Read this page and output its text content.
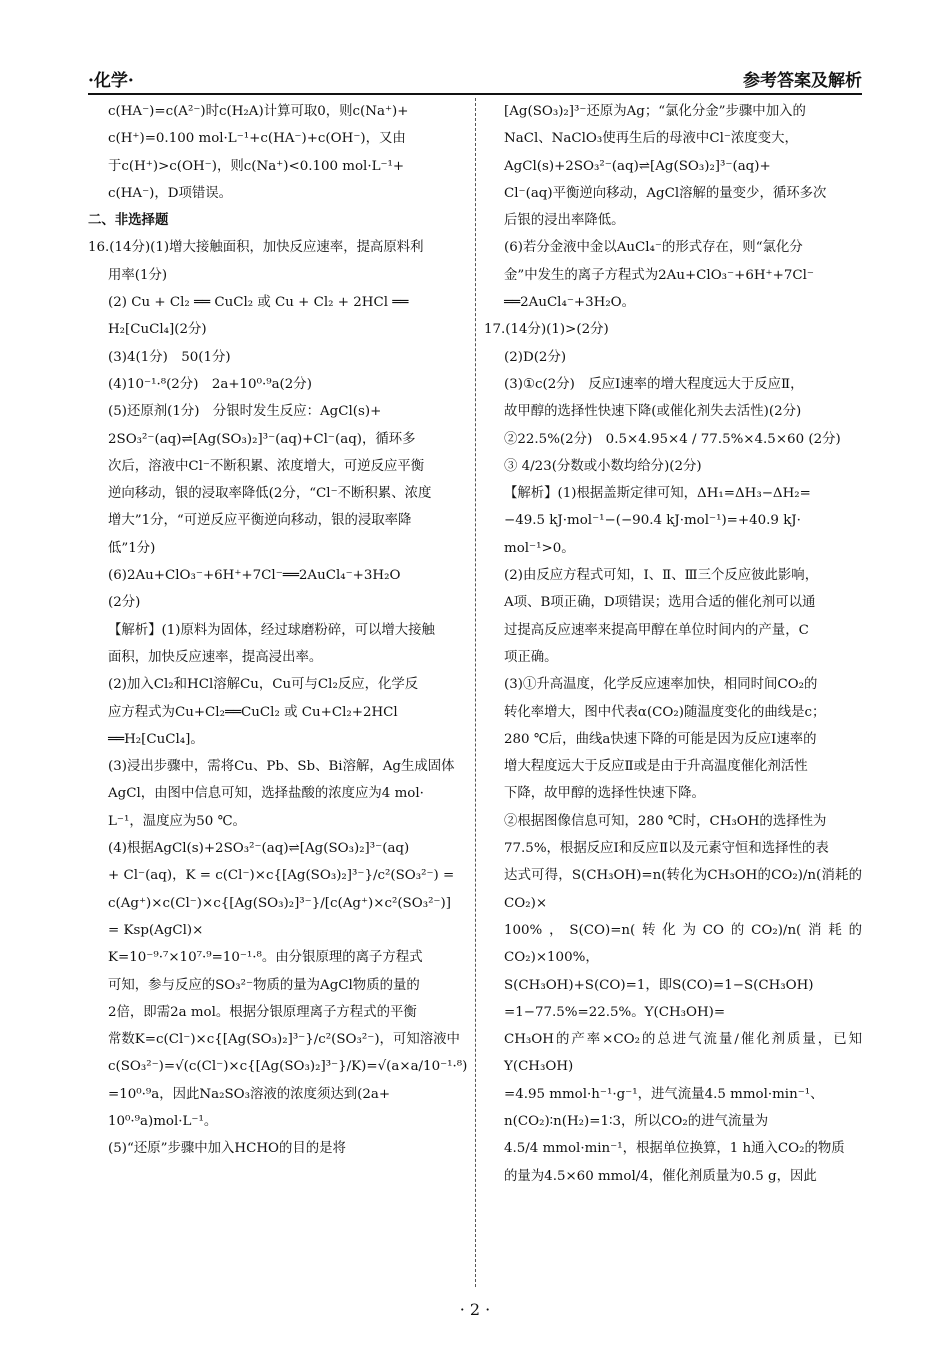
·化学·	参考答案及解析

c(HA⁻)=c(A²⁻)时c(H₂A)计算可取0，则c(Na⁺)+

c(H⁺)=0.100 mol·L⁻¹+c(HA⁻)+c(OH⁻)，又由

于c(H⁺)>c(OH⁻)，则c(Na⁺)<0.100 mol·L⁻¹+

c(HA⁻)，D项错误。

二、非选择题

16.(14分)(1)增大接触面积，加快反应速率，提高原料利

用率(1分)

(2) Cu + Cl₂ ══ CuCl₂ 或 Cu + Cl₂ + 2HCl ══

H₂[CuCl₄](2分)

(3)4(1分)　50(1分)

(4)10⁻¹·⁸(2分)　2a+10⁰·⁹a(2分)

(5)还原剂(1分)　分银时发生反应：AgCl(s)+

2SO₃²⁻(aq)⇌[Ag(SO₃)₂]³⁻(aq)+Cl⁻(aq)，循环多

次后，溶液中Cl⁻不断积累、浓度增大，可逆反应平衡

逆向移动，银的浸取率降低(2分，“Cl⁻不断积累、浓度

增大”1分，“可逆反应平衡逆向移动，银的浸取率降

低”1分)

(6)2Au+ClO₃⁻+6H⁺+7Cl⁻══2AuCl₄⁻+3H₂O

(2分)

【解析】(1)原料为固体，经过球磨粉碎，可以增大接触

面积，加快反应速率，提高浸出率。

(2)加入Cl₂和HCl溶解Cu，Cu可与Cl₂反应，化学反

应方程式为Cu+Cl₂══CuCl₂ 或 Cu+Cl₂+2HCl

══H₂[CuCl₄]。

(3)浸出步骤中，需将Cu、Pb、Sb、Bi溶解，Ag生成固体

AgCl，由图中信息可知，选择盐酸的浓度应为4 mol·

L⁻¹，温度应为50 ℃。

(4)根据AgCl(s)+2SO₃²⁻(aq)⇌[Ag(SO₃)₂]³⁻(aq)

+ Cl⁻(aq)，K = c(Cl⁻)×c{[Ag(SO₃)₂]³⁻}/c²(SO₃²⁻) =

c(Ag⁺)×c(Cl⁻)×c{[Ag(SO₃)₂]³⁻}/[c(Ag⁺)×c²(SO₃²⁻)] = Ksp(AgCl)×

K=10⁻⁹·⁷×10⁷·⁹=10⁻¹·⁸。由分银原理的离子方程式

可知，参与反应的SO₃²⁻物质的量为AgCl物质的量的

2倍，即需2a mol。根据分银原理离子方程式的平衡

常数K=c(Cl⁻)×c{[Ag(SO₃)₂]³⁻}/c²(SO₃²⁻)，可知溶液中

c(SO₃²⁻)=√(c(Cl⁻)×c{[Ag(SO₃)₂]³⁻}/K)=√(a×a/10⁻¹·⁸)

=10⁰·⁹a，因此Na₂SO₃溶液的浓度须达到(2a+

10⁰·⁹a)mol·L⁻¹。

(5)“还原”步骤中加入HCHO的目的是将

[Ag(SO₃)₂]³⁻还原为Ag；“氯化分金”步骤中加入的

NaCl、NaClO₃使再生后的母液中Cl⁻浓度变大，

AgCl(s)+2SO₃²⁻(aq)⇌[Ag(SO₃)₂]³⁻(aq)+

Cl⁻(aq)平衡逆向移动，AgCl溶解的量变少，循环多次

后银的浸出率降低。

(6)若分金液中金以AuCl₄⁻的形式存在，则“氯化分

金”中发生的离子方程式为2Au+ClO₃⁻+6H⁺+7Cl⁻

══2AuCl₄⁻+3H₂O。

17.(14分)(1)>(2分)

(2)D(2分)

(3)①c(2分)　反应Ⅰ速率的增大程度远大于反应Ⅱ，

故甲醇的选择性快速下降(或催化剂失去活性)(2分)

②22.5%(2分)　0.5×4.95×4 / 77.5%×4.5×60 (2分)

③ 4/23(分数或小数均给分)(2分)

【解析】(1)根据盖斯定律可知，ΔH₁=ΔH₃−ΔH₂=

−49.5 kJ·mol⁻¹−(−90.4 kJ·mol⁻¹)=+40.9 kJ·

mol⁻¹>0。

(2)由反应方程式可知，Ⅰ、Ⅱ、Ⅲ三个反应彼此影响，

A项、B项正确，D项错误；选用合适的催化剂可以通

过提高反应速率来提高甲醇在单位时间内的产量，C

项正确。

(3)①升高温度，化学反应速率加快，相同时间CO₂的

转化率增大，图中代表α(CO₂)随温度变化的曲线是c；

280 ℃后，曲线a快速下降的可能是因为反应Ⅰ速率的

增大程度远大于反应Ⅱ或是由于升高温度催化剂活性

下降，故甲醇的选择性快速下降。

②根据图像信息可知，280 ℃时，CH₃OH的选择性为

77.5%，根据反应Ⅰ和反应Ⅱ以及元素守恒和选择性的表

达式可得，S(CH₃OH)=n(转化为CH₃OH的CO₂)/n(消耗的CO₂)×

100%，S(CO)=n(转化为CO的CO₂)/n(消耗的CO₂)×100%，

S(CH₃OH)+S(CO)=1，即S(CO)=1−S(CH₃OH)

=1−77.5%=22.5%。Y(CH₃OH)=

CH₃OH的产率×CO₂的总进气流量/催化剂质量，已知Y(CH₃OH)

=4.95 mmol·h⁻¹·g⁻¹，进气流量4.5 mmol·min⁻¹、

n(CO₂)∶n(H₂)=1∶3，所以CO₂的进气流量为

4.5/4 mmol·min⁻¹，根据单位换算，1 h通入CO₂的物质

的量为4.5×60 mmol/4，催化剂质量为0.5 g，因此

· 2 ·
